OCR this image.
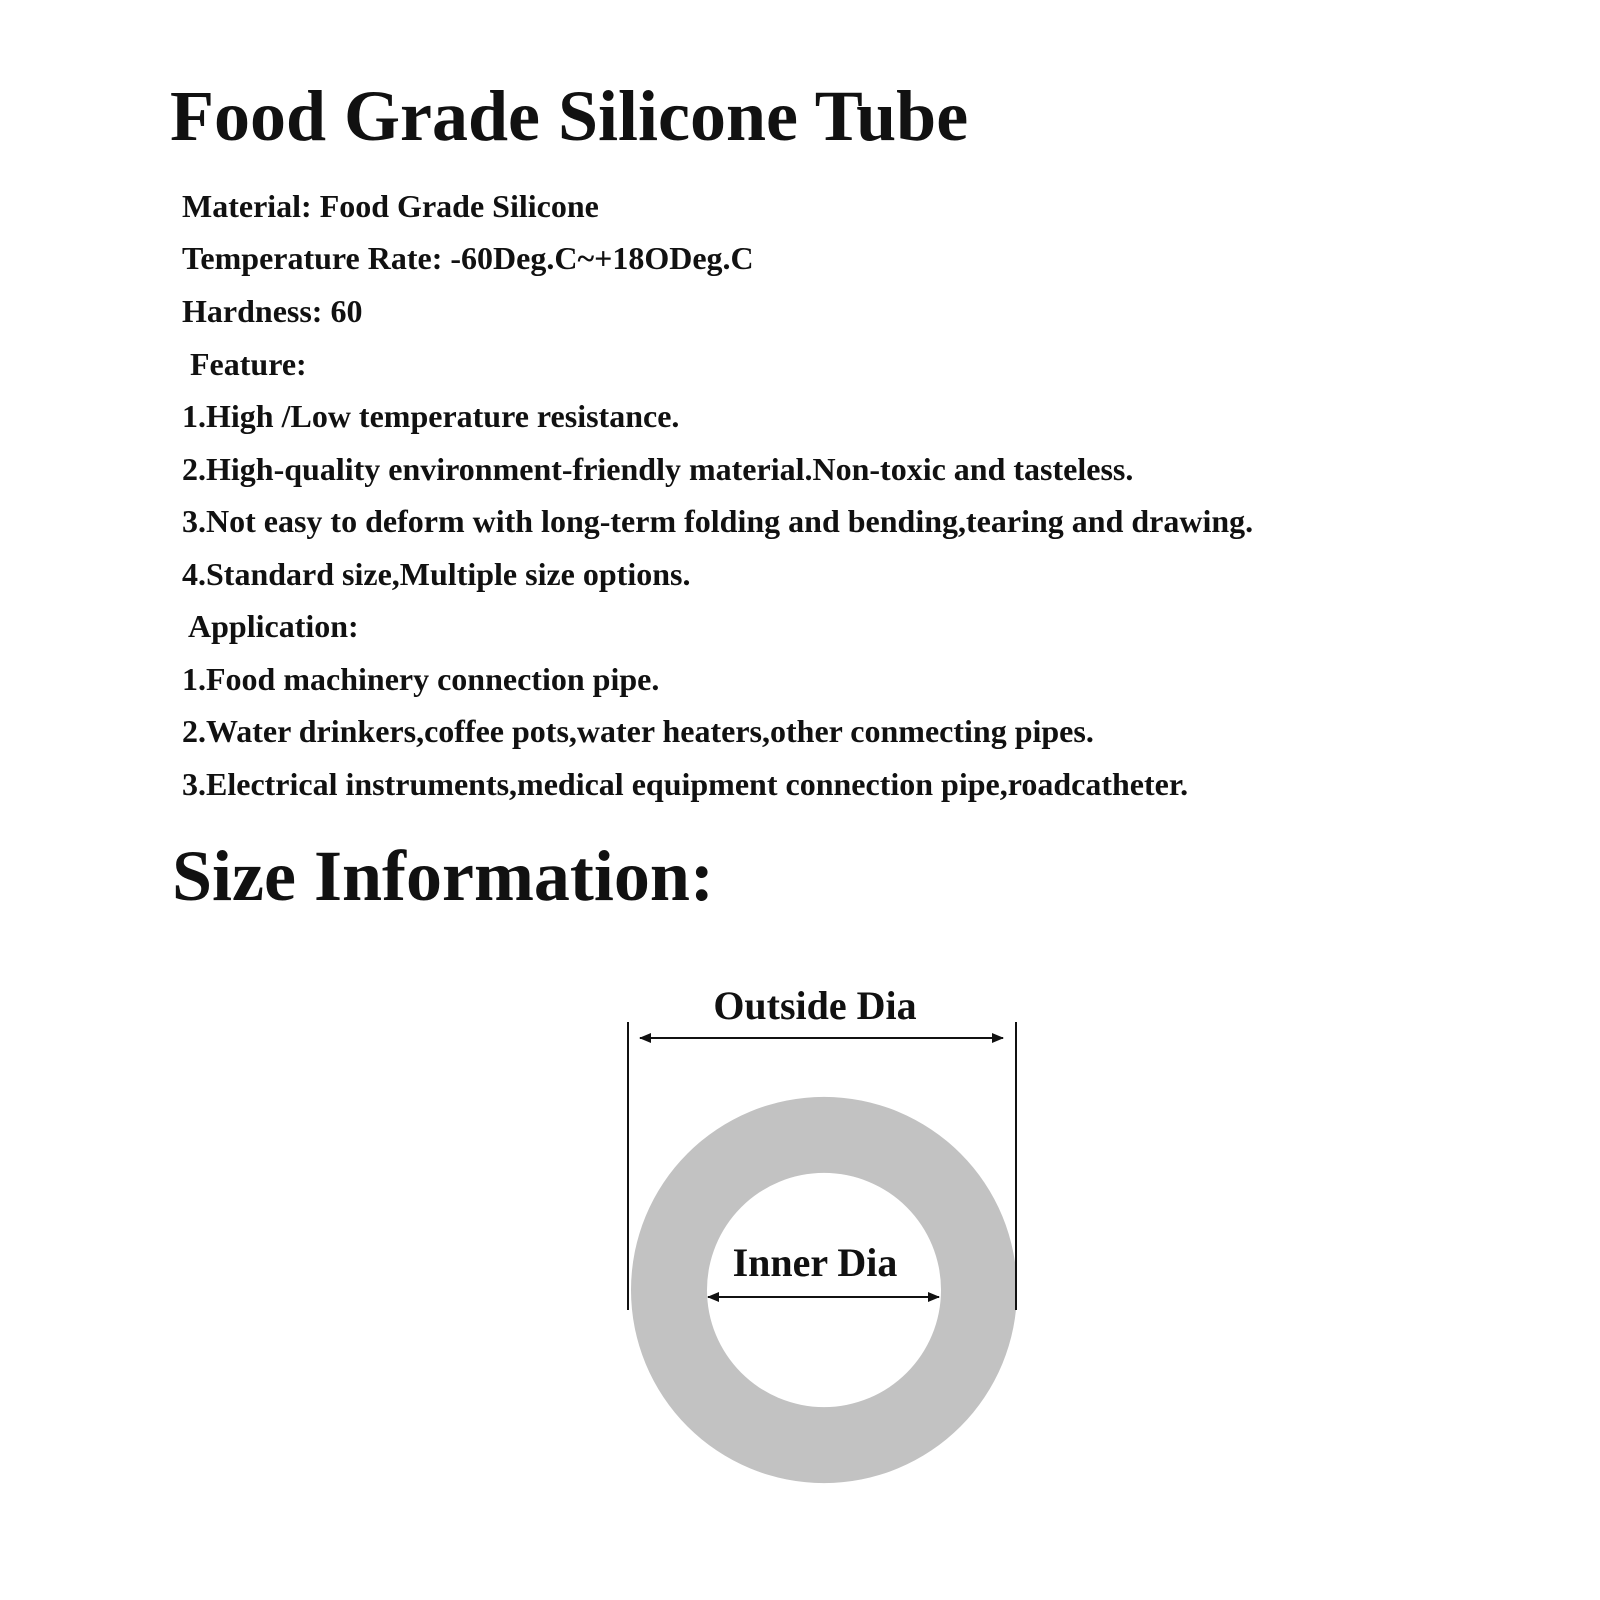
Food Grade Silicone Tube

Material: Food Grade Silicone

Temperature Rate: -60Deg.C~+18ODeg.C

Hardness: 60

Feature:

1.High /Low temperature resistance.

2.High-quality environment-friendly material.Non-toxic and tasteless.

3.Not easy to deform with long-term folding and bending,tearing and drawing.

4.Standard size,Multiple size options.

Application:

1.Food machinery connection pipe.

2.Water drinkers,coffee pots,water heaters,other conmecting pipes.

3.Electrical instruments,medical equipment connection pipe,roadcatheter.

Size Information:
Outside Dia
Inner Dia
